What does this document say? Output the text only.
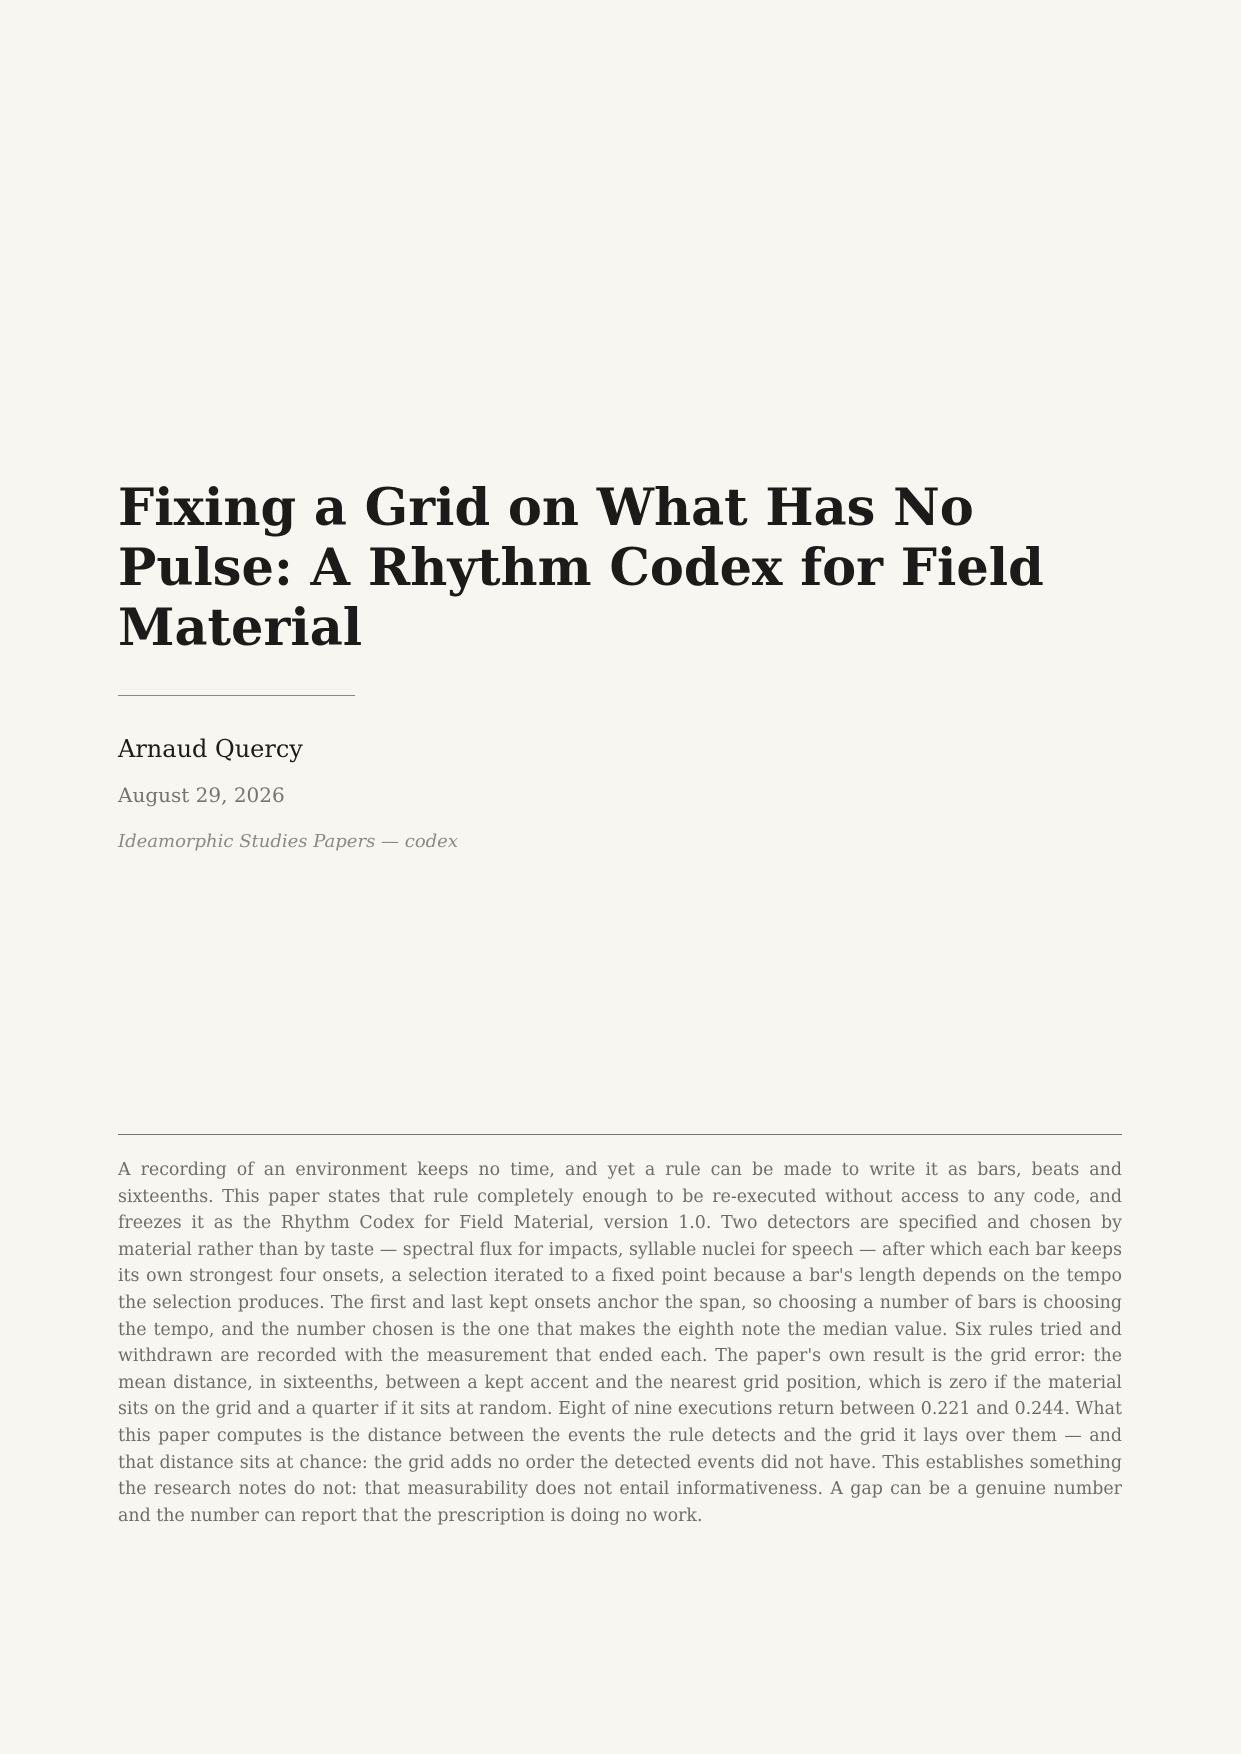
Fixing a Grid on What Has No Pulse: A Rhythm Codex for Field Material
Arnaud Quercy
August 29, 2026
Ideamorphic Studies Papers — codex

A recording of an environment keeps no time, and yet a rule can be made to write it as bars, beats and sixteenths. This paper states that rule completely enough to be re-executed without access to any code, and freezes it as the Rhythm Codex for Field Material, version 1.0. Two detectors are specified and chosen by material rather than by taste — spectral flux for impacts, syllable nuclei for speech — after which each bar keeps its own strongest four onsets, a selection iterated to a fixed point because a bar's length depends on the tempo the selection produces. The first and last kept onsets anchor the span, so choosing a number of bars is choosing the tempo, and the number chosen is the one that makes the eighth note the median value. Six rules tried and withdrawn are recorded with the measurement that ended each. The paper's own result is the grid error: the mean distance, in sixteenths, between a kept accent and the nearest grid position, which is zero if the material sits on the grid and a quarter if it sits at random. Eight of nine executions return between 0.221 and 0.244. What this paper computes is the distance between the events the rule detects and the grid it lays over them — and that distance sits at chance: the grid adds no order the detected events did not have. This establishes something the research notes do not: that measurability does not entail informativeness. A gap can be a genuine number and the number can report that the prescription is doing no work.
